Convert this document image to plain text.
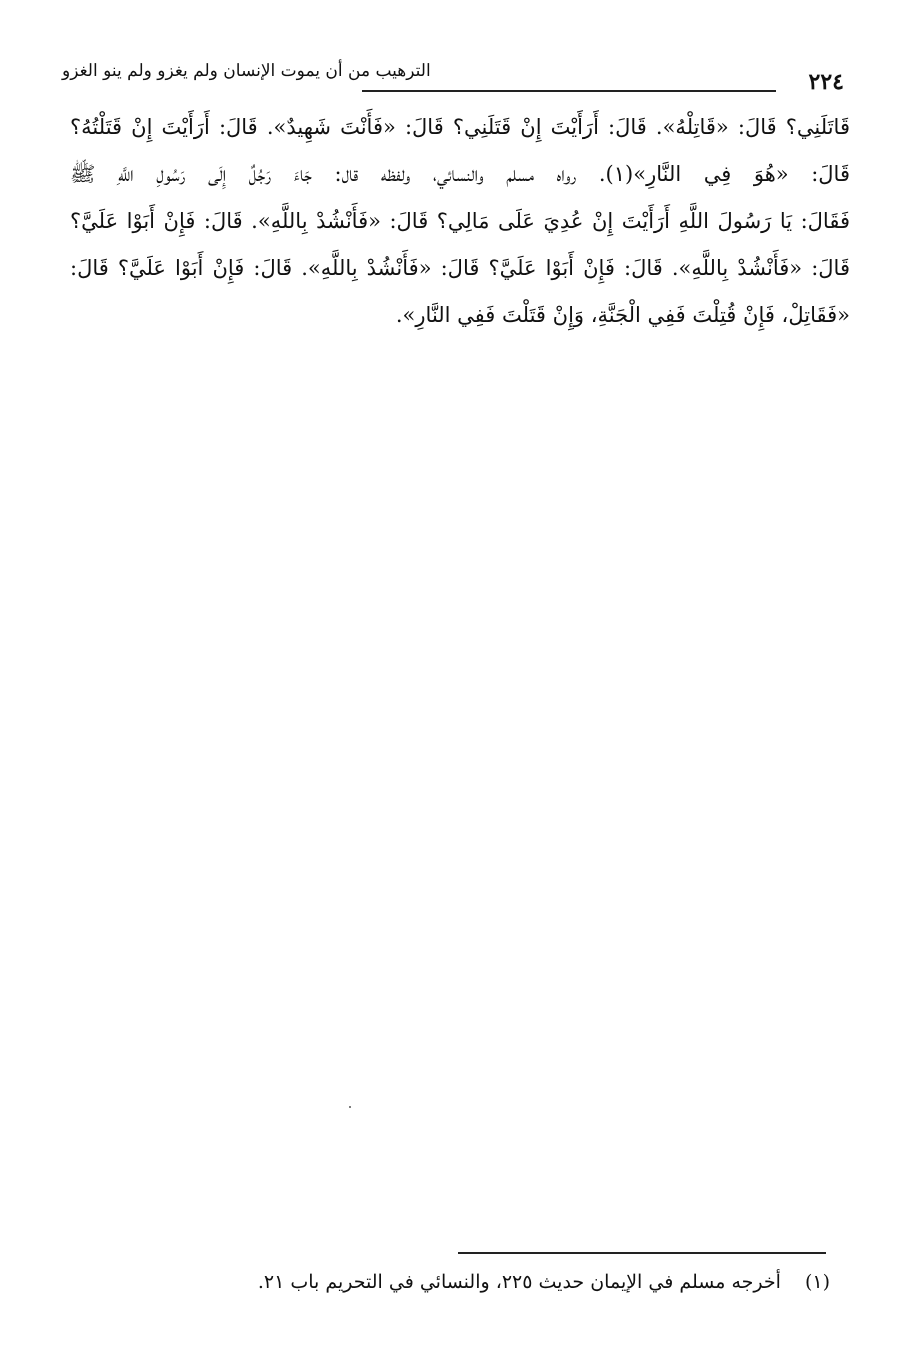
٢٢٤
الترهيب من أن يموت الإنسان ولم يغزو ولم ينو الغزو
قَاتَلَنِي؟ قَالَ: «قَاتِلْهُ». قَالَ: أَرَأَيْتَ إِنْ قَتَلَنِي؟ قَالَ: «فَأَنْتَ شَهِيدٌ». قَالَ: أَرَأَيْتَ إِنْ قَتَلْتُهُ؟
قَالَ: «هُوَ فِي النَّارِ»(١). رواه مسلم والنسائي، ولفظه قال: جَاءَ رَجُلٌ إِلَى رَسُولِ اللَّهِ ﷺ
فَقَالَ: يَا رَسُولَ اللَّهِ أَرَأَيْتَ إِنْ عُدِيَ عَلَى مَالِي؟ قَالَ: «فَأَنْشُدْ بِاللَّهِ». قَالَ: فَإِنْ أَبَوْا عَلَيَّ؟
قَالَ: «فَأَنْشُدْ بِاللَّهِ». قَالَ: فَإِنْ أَبَوْا عَلَيَّ؟ قَالَ: «فَأَنْشُدْ بِاللَّهِ». قَالَ: فَإِنْ أَبَوْا عَلَيَّ؟ قَالَ:
«فَقَاتِلْ، فَإِنْ قُتِلْتَ فَفِي الْجَنَّةِ، وَإِنْ قَتَلْتَ فَفِي النَّارِ».
(١) أخرجه مسلم في الإيمان حديث ٢٢٥، والنسائي في التحريم باب ٢١.
